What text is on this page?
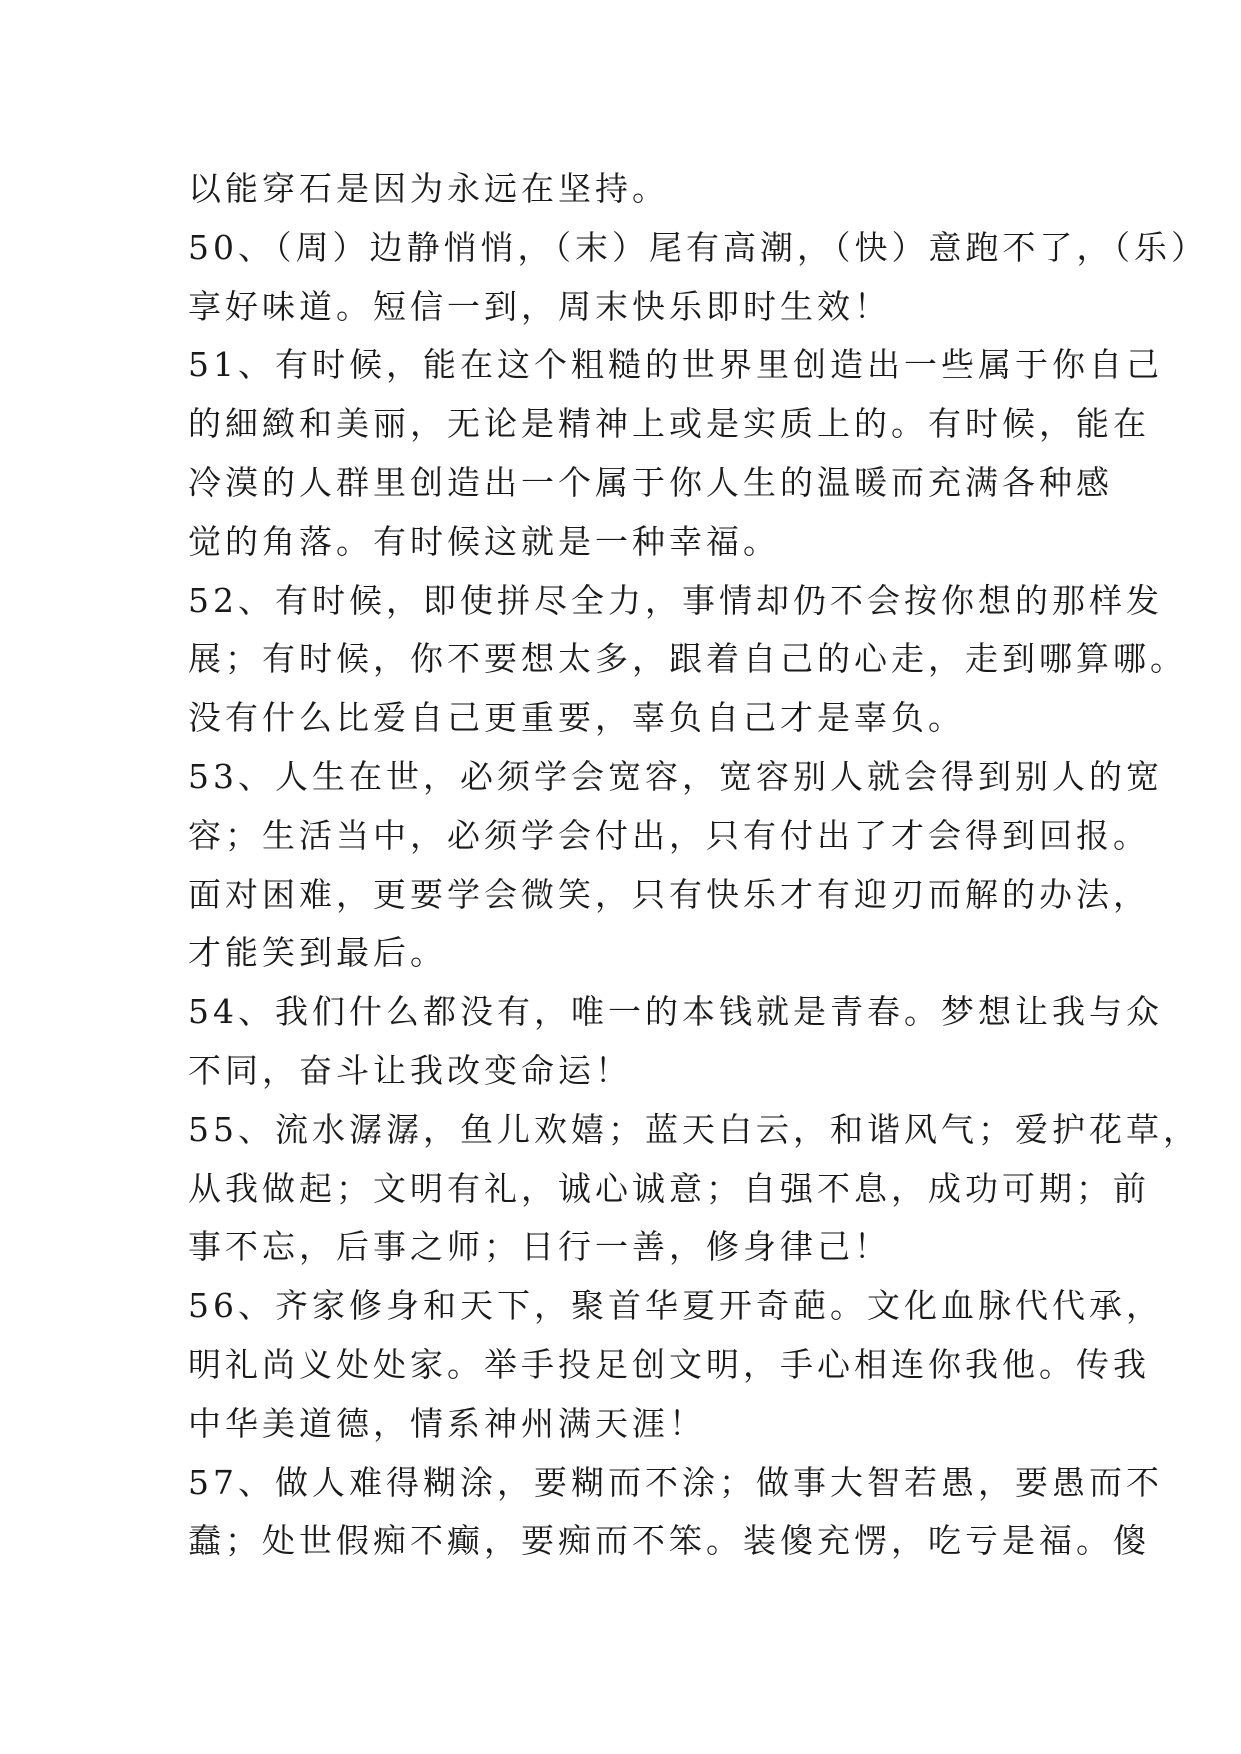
以能穿石是因为永远在坚持。
50、（周）边静悄悄，（末）尾有高潮，（快）意跑不了，（乐）
享好味道。短信一到，周末快乐即时生效！
51、有时候，能在这个粗糙的世界里创造出一些属于你自己
的細緻和美丽，无论是精神上或是实质上的。有时候，能在
冷漠的人群里创造出一个属于你人生的温暖而充满各种感
觉的角落。有时候这就是一种幸福。
52、有时候，即使拼尽全力，事情却仍不会按你想的那样发
展；有时候，你不要想太多，跟着自己的心走，走到哪算哪。
没有什么比爱自己更重要，辜负自己才是辜负。
53、人生在世，必须学会宽容，宽容别人就会得到别人的宽
容；生活当中，必须学会付出，只有付出了才会得到回报。
面对困难，更要学会微笑，只有快乐才有迎刃而解的办法，
才能笑到最后。
54、我们什么都没有，唯一的本钱就是青春。梦想让我与众
不同，奋斗让我改变命运！
55、流水潺潺，鱼儿欢嬉；蓝天白云，和谐风气；爱护花草，
从我做起；文明有礼，诚心诚意；自强不息，成功可期；前
事不忘，后事之师；日行一善，修身律己！
56、齐家修身和天下，聚首华夏开奇葩。文化血脉代代承，
明礼尚义处处家。举手投足创文明，手心相连你我他。传我
中华美道德，情系神州满天涯！
57、做人难得糊涂，要糊而不涂；做事大智若愚，要愚而不
蠢；处世假痴不癫，要痴而不笨。装傻充愣，吃亏是福。傻
